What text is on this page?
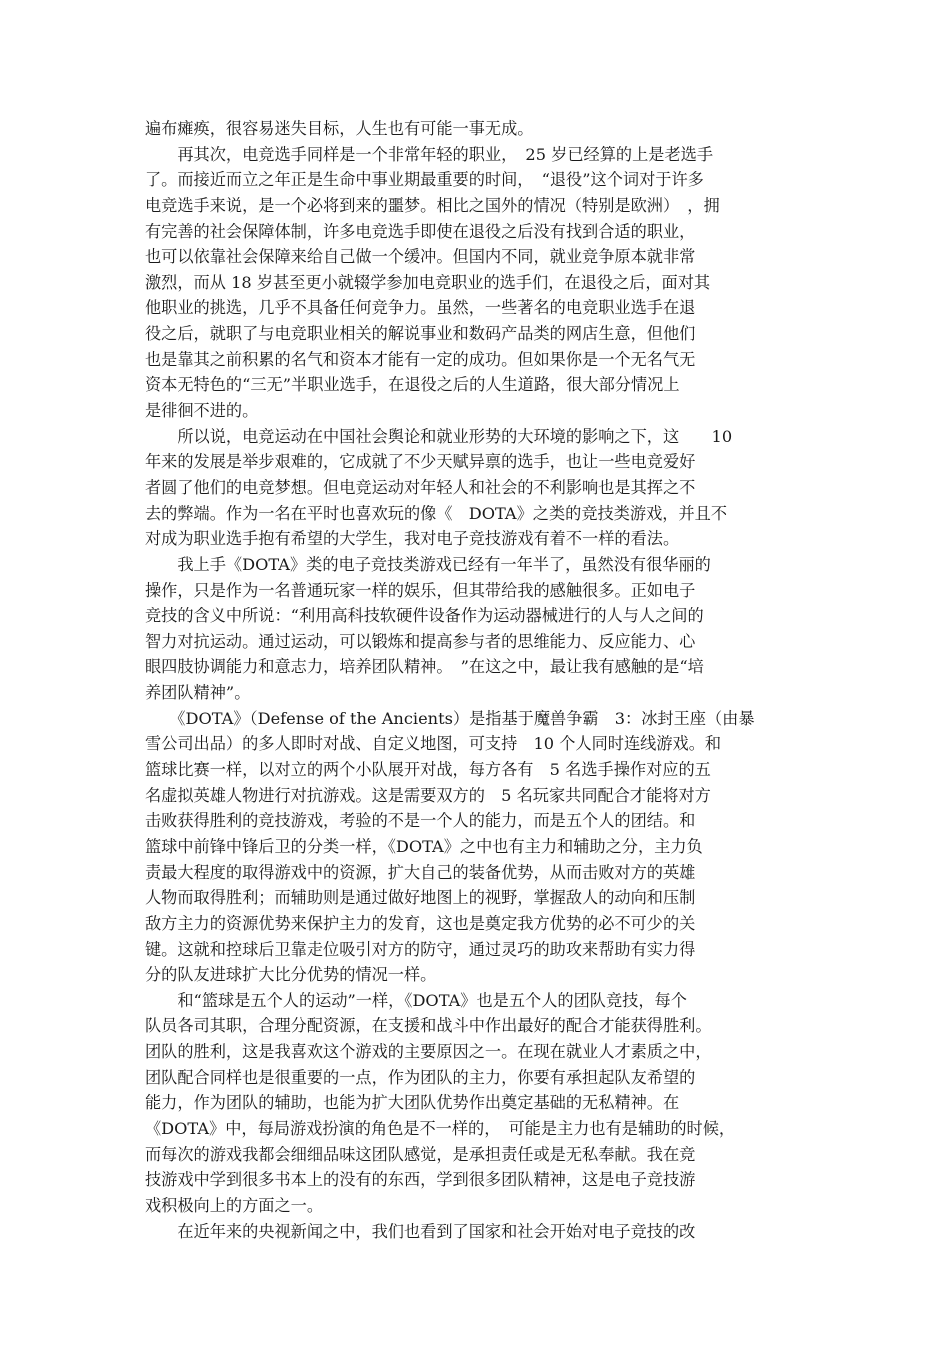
遍布瘫痪，很容易迷失目标，人生也有可能一事无成。
　　再其次，电竞选手同样是一个非常年轻的职业，　25 岁已经算的上是老选手
了。而接近而立之年正是生命中事业期最重要的时间，　“退役”这个词对于许多
电竞选手来说，是一个必将到来的噩梦。相比之国外的情况（特别是欧洲）　，拥
有完善的社会保障体制，许多电竞选手即使在退役之后没有找到合适的职业，
也可以依靠社会保障来给自己做一个缓冲。但国内不同，就业竞争原本就非常
激烈，而从 18 岁甚至更小就辍学参加电竞职业的选手们，在退役之后，面对其
他职业的挑选，几乎不具备任何竞争力。虽然，一些著名的电竞职业选手在退
役之后，就职了与电竞职业相关的解说事业和数码产品类的网店生意，但他们
也是靠其之前积累的名气和资本才能有一定的成功。但如果你是一个无名气无
资本无特色的“三无”半职业选手，在退役之后的人生道路，很大部分情况上
是徘徊不进的。
　　所以说，电竞运动在中国社会舆论和就业形势的大环境的影响之下，这　　10
年来的发展是举步艰难的，它成就了不少天赋异禀的选手，也让一些电竞爱好
者圆了他们的电竞梦想。但电竞运动对年轻人和社会的不利影响也是其挥之不
去的弊端。作为一名在平时也喜欢玩的像《　DOTA》之类的竞技类游戏，并且不
对成为职业选手抱有希望的大学生，我对电子竞技游戏有着不一样的看法。
　　我上手《DOTA》类的电子竞技类游戏已经有一年半了，虽然没有很华丽的
操作，只是作为一名普通玩家一样的娱乐，但其带给我的感触很多。正如电子
竞技的含义中所说：“利用高科技软硬件设备作为运动器械进行的人与人之间的
智力对抗运动。通过运动，可以锻炼和提高参与者的思维能力、反应能力、心
眼四肢协调能力和意志力，培养团队精神。　”在这之中，最让我有感触的是“培
养团队精神”。
　　《DOTA》（Defense of the Ancients）是指基于魔兽争霸　3：冰封王座（由暴
雪公司出品）的多人即时对战、自定义地图，可支持　10 个人同时连线游戏。和
篮球比赛一样，以对立的两个小队展开对战，每方各有　5 名选手操作对应的五
名虚拟英雄人物进行对抗游戏。这是需要双方的　5 名玩家共同配合才能将对方
击败获得胜利的竞技游戏，考验的不是一个人的能力，而是五个人的团结。和
篮球中前锋中锋后卫的分类一样，《DOTA》之中也有主力和辅助之分，主力负
责最大程度的取得游戏中的资源，扩大自己的装备优势，从而击败对方的英雄
人物而取得胜利；而辅助则是通过做好地图上的视野，掌握敌人的动向和压制
敌方主力的资源优势来保护主力的发育，这也是奠定我方优势的必不可少的关
键。这就和控球后卫靠走位吸引对方的防守，通过灵巧的助攻来帮助有实力得
分的队友进球扩大比分优势的情况一样。
　　和“篮球是五个人的运动”一样，《DOTA》也是五个人的团队竞技，每个
队员各司其职，合理分配资源，在支援和战斗中作出最好的配合才能获得胜利。
团队的胜利，这是我喜欢这个游戏的主要原因之一。在现在就业人才素质之中，
团队配合同样也是很重要的一点，作为团队的主力，你要有承担起队友希望的
能力，作为团队的辅助，也能为扩大团队优势作出奠定基础的无私精神。在
《DOTA》中，每局游戏扮演的角色是不一样的，　可能是主力也有是辅助的时候，
而每次的游戏我都会细细品味这团队感觉，是承担责任或是无私奉献。我在竞
技游戏中学到很多书本上的没有的东西，学到很多团队精神，这是电子竞技游
戏积极向上的方面之一。
　　在近年来的央视新闻之中，我们也看到了国家和社会开始对电子竞技的改
